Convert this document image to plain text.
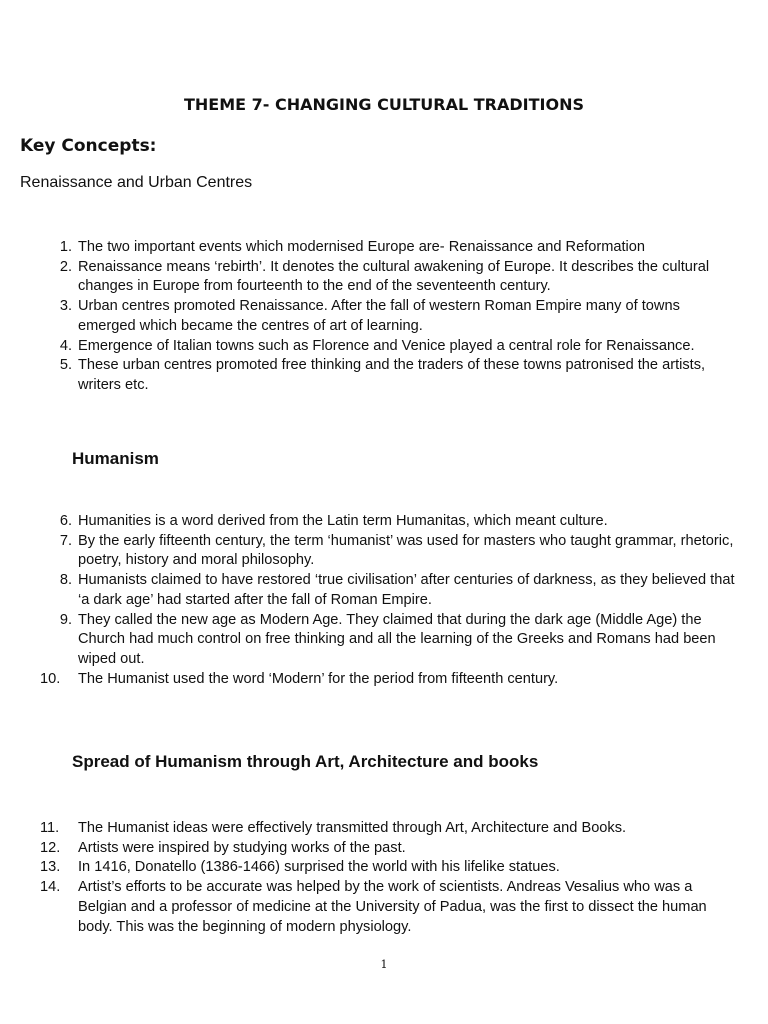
THEME 7- CHANGING CULTURAL TRADITIONS
Key Concepts:
Renaissance and Urban Centres
1. The two important events which modernised Europe are- Renaissance and Reformation
2. Renaissance means ‘rebirth’. It denotes the cultural awakening of Europe. It describes the cultural changes in Europe from fourteenth to the end of the seventeenth century.
3. Urban centres promoted Renaissance. After the fall of western Roman Empire many of towns emerged which became the centres of art of learning.
4. Emergence of Italian towns such as Florence and Venice played a central role for Renaissance.
5. These urban centres promoted free thinking and the traders of these towns patronised the artists, writers etc.
Humanism
6. Humanities is a word derived from the Latin term Humanitas, which meant culture.
7. By the early fifteenth century, the term ‘humanist’ was used for masters who taught grammar, rhetoric, poetry, history and moral philosophy.
8. Humanists claimed to have restored ‘true civilisation’ after centuries of darkness, as they believed that ‘a dark age’ had started after the fall of Roman Empire.
9. They called the new age as Modern Age. They claimed that during the dark age (Middle Age) the Church had much control on free thinking and all the learning of the Greeks and Romans had been wiped out.
10.	The Humanist used the word ‘Modern’ for the period from fifteenth century.
Spread of Humanism through Art, Architecture and books
11.	The Humanist ideas were effectively transmitted through Art, Architecture and Books.
12.	Artists were inspired by studying works of the past.
13.	In 1416, Donatello (1386-1466) surprised the world with his lifelike statues.
14.	Artist’s efforts to be accurate was helped by the work of scientists. Andreas Vesalius who was a Belgian and a professor of medicine at the University of Padua, was the first to dissect the human body. This was the beginning of modern physiology.
1
